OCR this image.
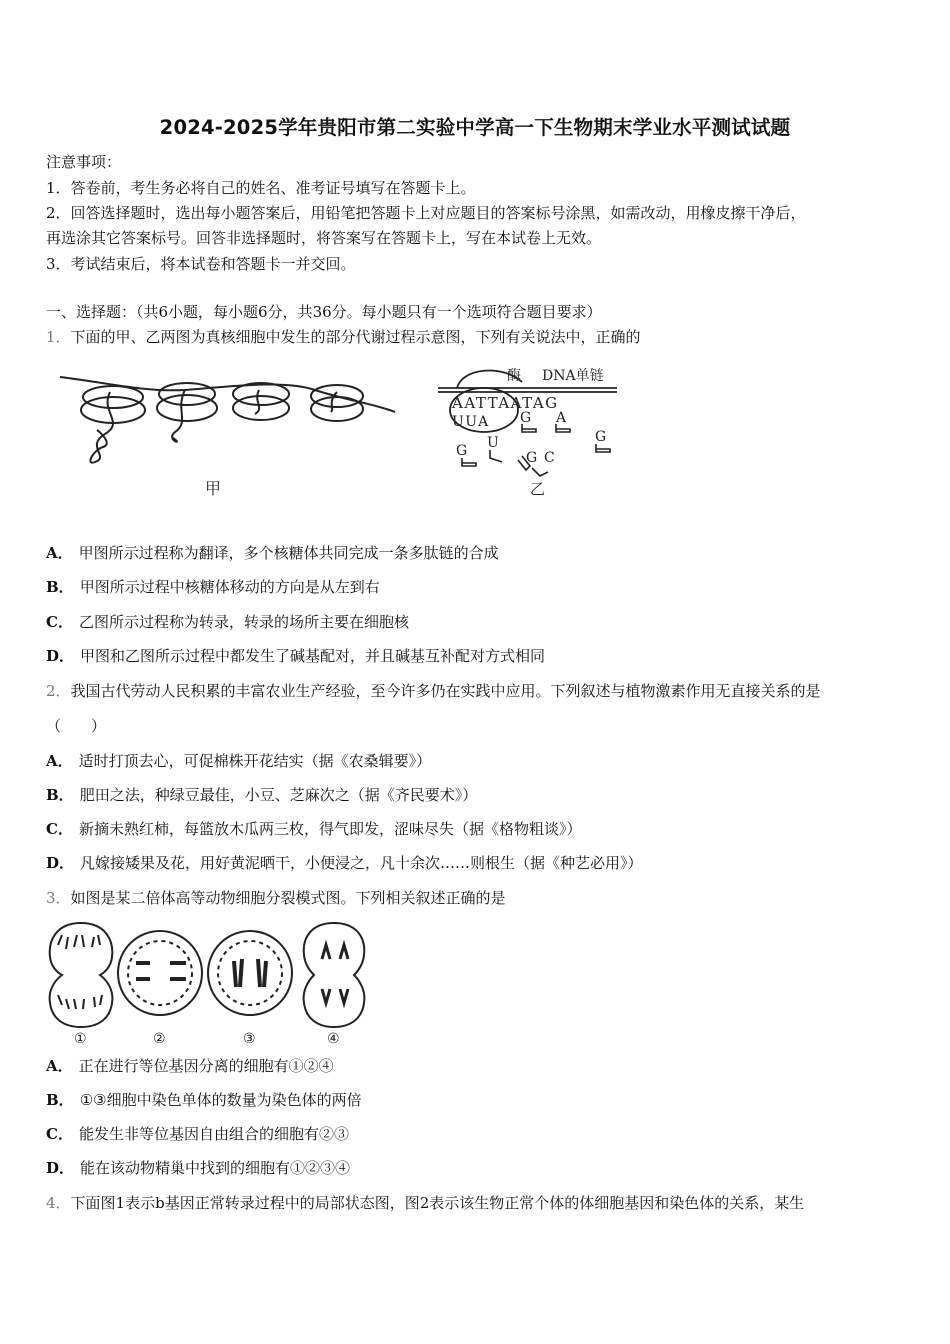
2024-2025学年贵阳市第二实验中学高一下生物期末学业水平测试试题
注意事项：
1．答卷前，考生务必将自己的姓名、准考证号填写在答题卡上。
2．回答选择题时，选出每小题答案后，用铅笔把答题卡上对应题目的答案标号涂黑，如需改动，用橡皮擦干净后，
再选涂其它答案标号。回答非选择题时，将答案写在答题卡上，写在本试卷上无效。
3．考试结束后，将本试卷和答题卡一并交回。
一、选择题：（共6小题，每小题6分，共36分。每小题只有一个选项符合题目要求）
1．下面的甲、乙两图为真核细胞中发生的部分代谢过程示意图，下列有关说法中，正确的
甲
酶 DNA单链
AATTAATAG
UUA
G
A
G
G
U
G C
乙
A． 甲图所示过程称为翻译，多个核糖体共同完成一条多肽链的合成
B． 甲图所示过程中核糖体移动的方向是从左到右
C． 乙图所示过程称为转录，转录的场所主要在细胞核
D． 甲图和乙图所示过程中都发生了碱基配对，并且碱基互补配对方式相同
2．我国古代劳动人民积累的丰富农业生产经验，至今许多仍在实践中应用。下列叙述与植物激素作用无直接关系的是
（　　）
A． 适时打顶去心，可促棉株开花结实（据《农桑辑要》）
B． 肥田之法，种绿豆最佳，小豆、芝麻次之（据《齐民要术》）
C． 新摘未熟红柿，每篮放木瓜两三枚，得气即发，涩味尽失（据《格物粗谈》）
D． 凡嫁接矮果及花，用好黄泥晒干，小便浸之，凡十余次……则根生（据《种艺必用》）
3．如图是某二倍体高等动物细胞分裂模式图。下列相关叙述正确的是
①	②	③	④
A． 正在进行等位基因分离的细胞有①②④
B． ①③细胞中染色单体的数量为染色体的两倍
C． 能发生非等位基因自由组合的细胞有②③
D． 能在该动物精巢中找到的细胞有①②③④
4．下面图1表示b基因正常转录过程中的局部状态图，图2表示该生物正常个体的体细胞基因和染色体的关系，某生
